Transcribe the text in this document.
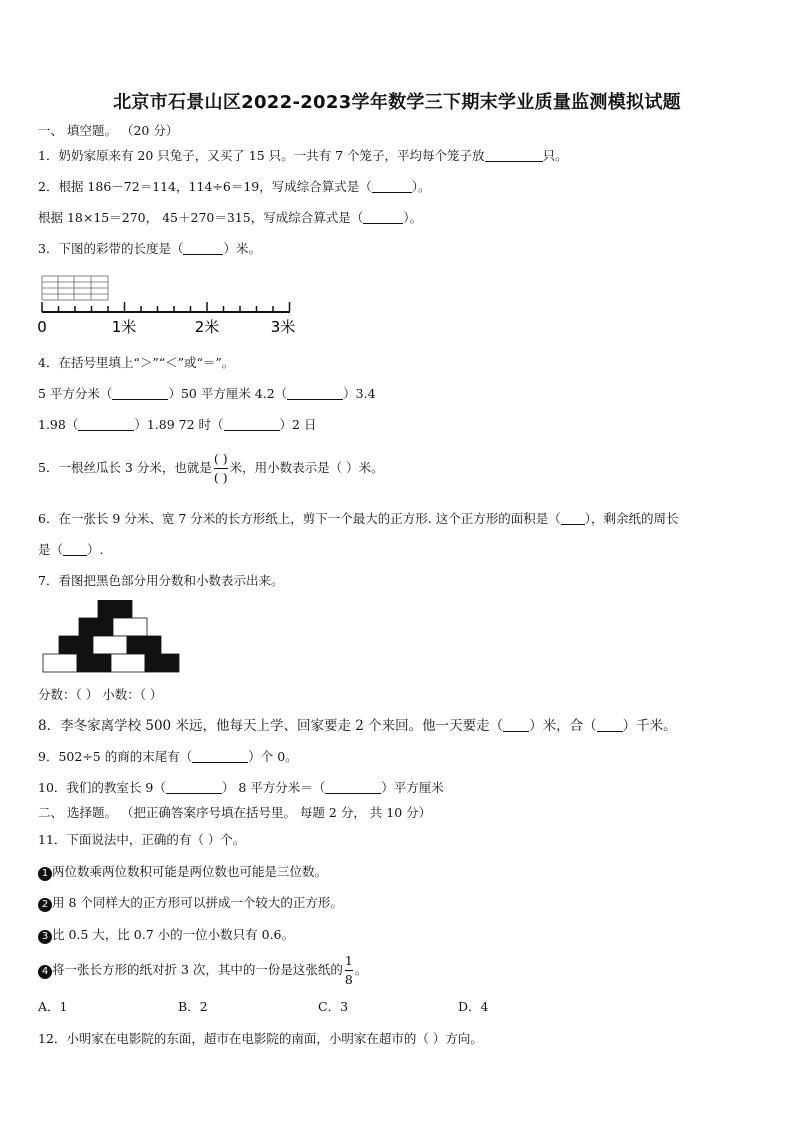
北京市石景山区2022-2023学年数学三下期末学业质量监测模拟试题
一、 填空题。 （20 分）
1．奶奶家原来有 20 只兔子，又买了 15 只。一共有 7 个笼子，平均每个笼子放	只。
2．根据 186－72＝114，114÷6＝19，写成综合算式是（	）。
根据 18×15＝270， 45＋270＝315，写成综合算式是（	）。
3．下图的彩带的长度是（	）米。
0	1米	2米	3米
4．在括号里填上“＞”“＜”或“＝”。
5 平方分米（	）50 平方厘米 4.2（	）3.4
1.98（	）1.89 72 时（	）2 日
5．一根丝瓜长 3 分米，也就是 $\frac{( )}{( )}$ 米，用小数表示是（ ）米。
6．在一张长 9 分米、宽 7 分米的长方形纸上，剪下一个最大的正方形. 这个正方形的面积是（ ），剩余纸的周长
是（ ）.
7．看图把黑色部分用分数和小数表示出来。
分数：（ ） 小数：（ ）
8．李冬家离学校 500 米远，他每天上学、回家要走 2 个来回。他一天要走（ ）米，合（ ）千米。
9．502÷5 的商的末尾有（	）个 0。
10．我们的教室长 9（	） 8 平方分米＝（	）平方厘米
二、 选择题。 （把正确答案序号填在括号里。 每题 2 分， 共 10 分）
11．下面说法中，正确的有（ ）个。
1 两位数乘两位数积可能是两位数也可能是三位数。
2 用 8 个同样大的正方形可以拼成一个较大的正方形。
3 比 0.5 大，比 0.7 小的一位小数只有 0.6。
4 将一张长方形的纸对折 3 次，其中的一份是这张纸的 $\frac{1}{8}$ 。
A．1	B．2	C．3	D．4
12．小明家在电影院的东面，超市在电影院的南面，小明家在超市的（ ）方向。
